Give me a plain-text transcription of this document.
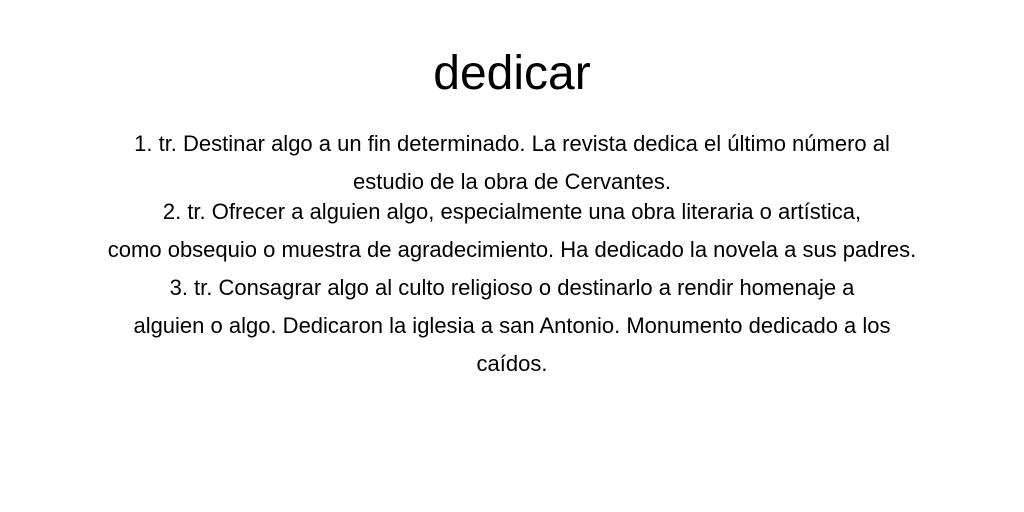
dedicar
1. tr. Destinar algo a un fin determinado. La revista dedica el último número al
estudio de la obra de Cervantes.
2. tr. Ofrecer a alguien algo, especialmente una obra literaria o artística,
como obsequio o muestra de agradecimiento. Ha dedicado la novela a sus padres.
3. tr. Consagrar algo al culto religioso o destinarlo a rendir homenaje a
alguien o algo. Dedicaron la iglesia a san Antonio. Monumento dedicado a los
caídos.
